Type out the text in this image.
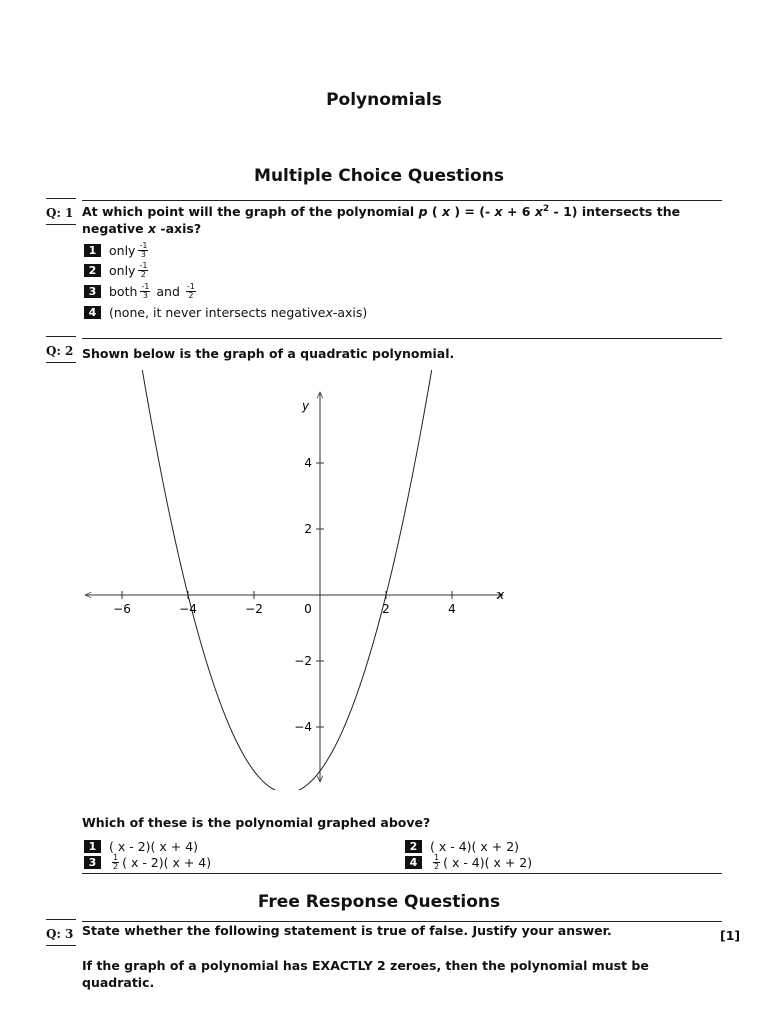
Polynomials
Multiple Choice Questions
Q: 1 At which point will the graph of the polynomial p ( x ) = (- x + 6 $x^2 - 1$) intersects the
negative x -axis?
1	only $\frac{-1}{3}$
2	only $\frac{-1}{2}$
3	both $\frac{-1}{3}$ and $\frac{-1}{2}$
4	(none, it never intersects negative x -axis)
Q: 2 Shown below is the graph of a quadratic polynomial.
−6	−4	−2	0	2	4
4
2
−2
−4
x
y
Which of these is the polynomial graphed above?
1	( x - 2)( x + 4)	2	( x - 4)( x + 2)
3	$\frac{1}{2}$ ( x - 2)( x + 4)	4	$\frac{1}{2}$ ( x - 4)( x + 2)
Free Response Questions
Q: 3 State whether the following statement is true of false. Justify your answer.	[1]
If the graph of a polynomial has EXACTLY 2 zeroes, then the polynomial must be quadratic.
